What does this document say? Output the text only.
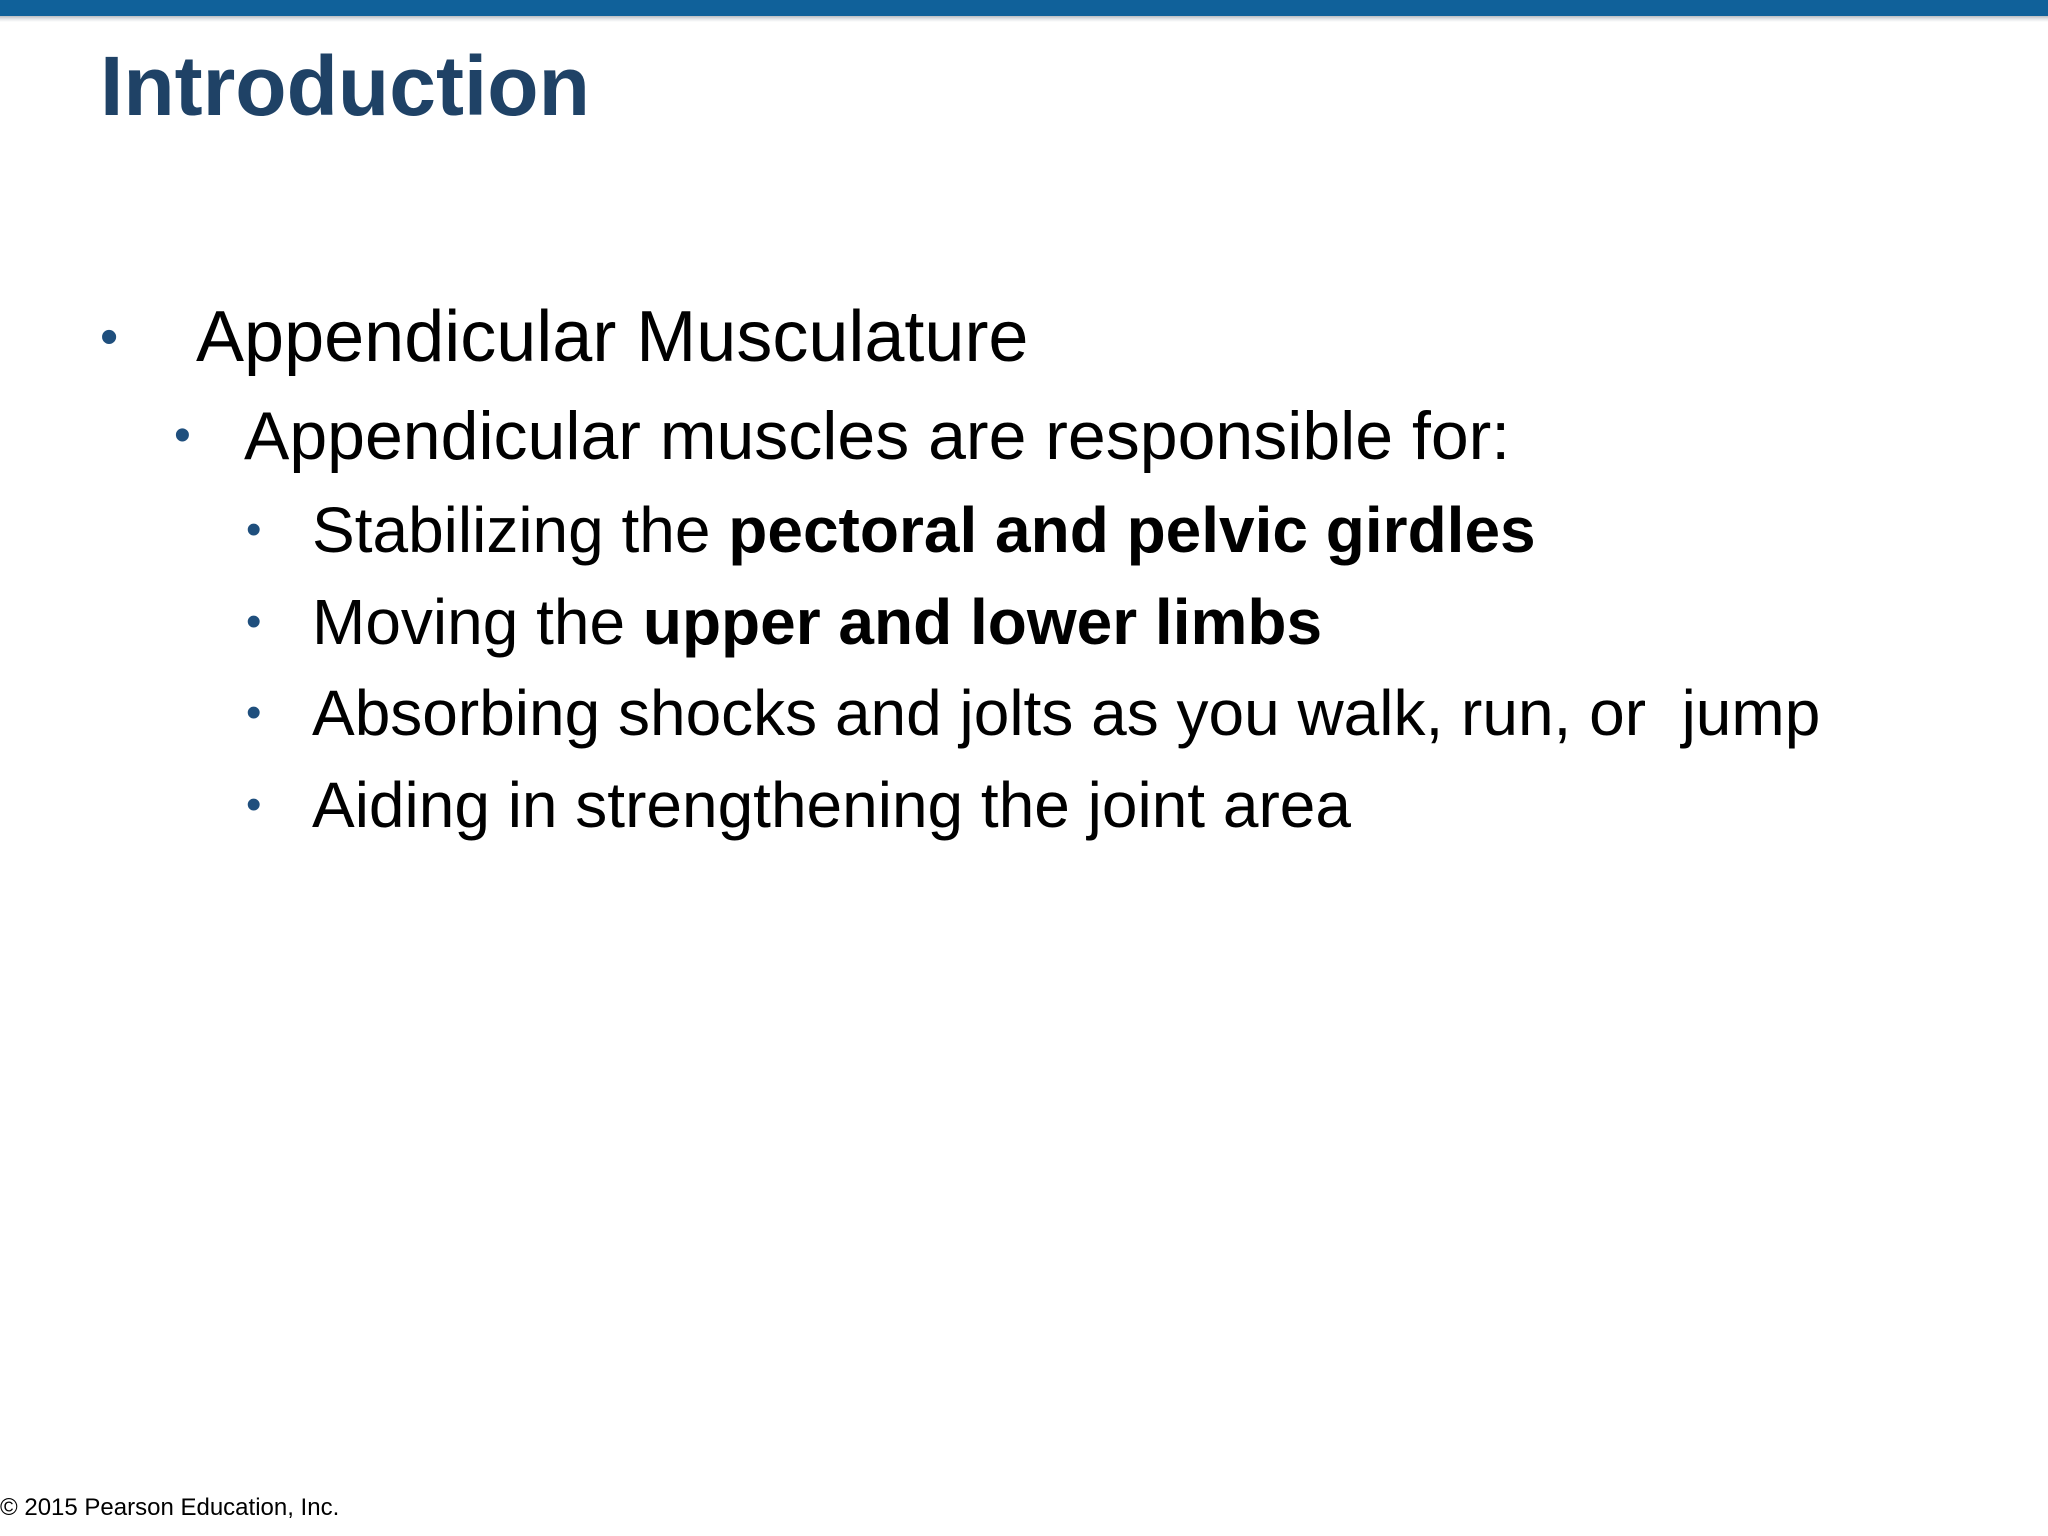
Introduction
• Appendicular Musculature
• Appendicular muscles are responsible for:
• Stabilizing the pectoral and pelvic girdles
• Moving the upper and lower limbs
• Absorbing shocks and jolts as you walk, run, or  jump
• Aiding in strengthening the joint area
© 2015 Pearson Education, Inc.
